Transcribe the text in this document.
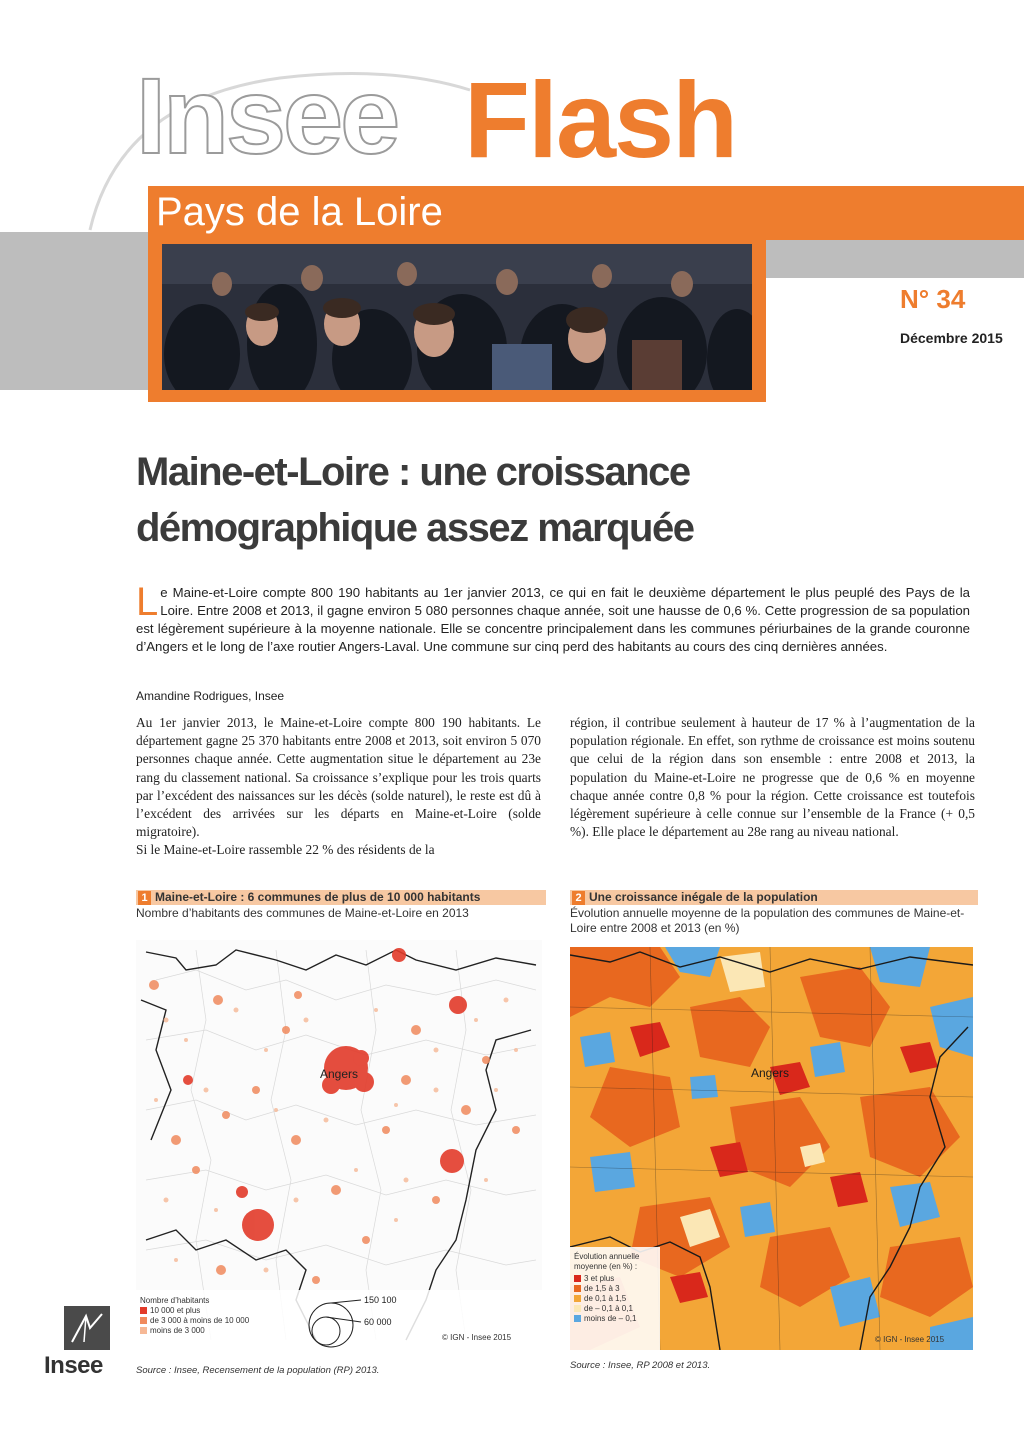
Insee Flash
Pays de la Loire
N° 34
Décembre 2015
Maine-et-Loire : une croissance démographique assez marquée
Le Maine-et-Loire compte 800 190 habitants au 1er janvier 2013, ce qui en fait le deuxième département le plus peuplé des Pays de la Loire. Entre 2008 et 2013, il gagne environ 5 080 personnes chaque année, soit une hausse de 0,6 %. Cette progression de sa population est légèrement supérieure à la moyenne nationale. Elle se concentre principalement dans les communes périurbaines de la grande couronne d’Angers et le long de l’axe routier Angers-Laval. Une commune sur cinq perd des habitants au cours des cinq dernières années.
Amandine Rodrigues, Insee

Au 1er janvier 2013, le Maine-et-Loire compte 800 190 habitants. Le département gagne 25 370 habitants entre 2008 et 2013, soit environ 5 070 personnes chaque année. Cette augmentation situe le département au 23e rang du classement national. Sa croissance s’explique pour les trois quarts par l’excédent des naissances sur les décès (solde naturel), le reste est dû à l’excédent des arrivées sur les départs en Maine-et-Loire (solde migratoire).

Si le Maine-et-Loire rassemble 22 % des résidents de la

région, il contribue seulement à hauteur de 17 % à l’augmentation de la population régionale. En effet, son rythme de croissance est moins soutenu que celui de la région dans son ensemble : entre 2008 et 2013, la population du Maine-et-Loire ne progresse que de 0,6 % en moyenne chaque année contre 0,8 % pour la région. Cette croissance est toutefois légèrement supérieure à celle connue sur l’ensemble de la France (+ 0,5 %). Elle place le département au 28e rang au niveau national.

1 Maine-et-Loire : 6 communes de plus de 10 000 habitants
Nombre d’habitants des communes de Maine-et-Loire en 2013
Angers
150 100
60 000
© IGN - Insee 2015
Nombre d’habitants
10 000 et plus
de 3 000 à moins de 10 000
moins de 3 000
Source : Insee, Recensement de la population (RP) 2013.
2 Une croissance inégale de la population
Évolution annuelle moyenne de la population des communes de Maine-et-Loire entre 2008 et 2013 (en %)
Angers
© IGN - Insee 2015
Évolution annuelle moyenne (en %) :
3 et plus
de 1,5 à 3
de 0,1 à 1,5
de – 0,1 à 0,1
moins de – 0,1
Source : Insee, RP 2008 et 2013.
Insee
